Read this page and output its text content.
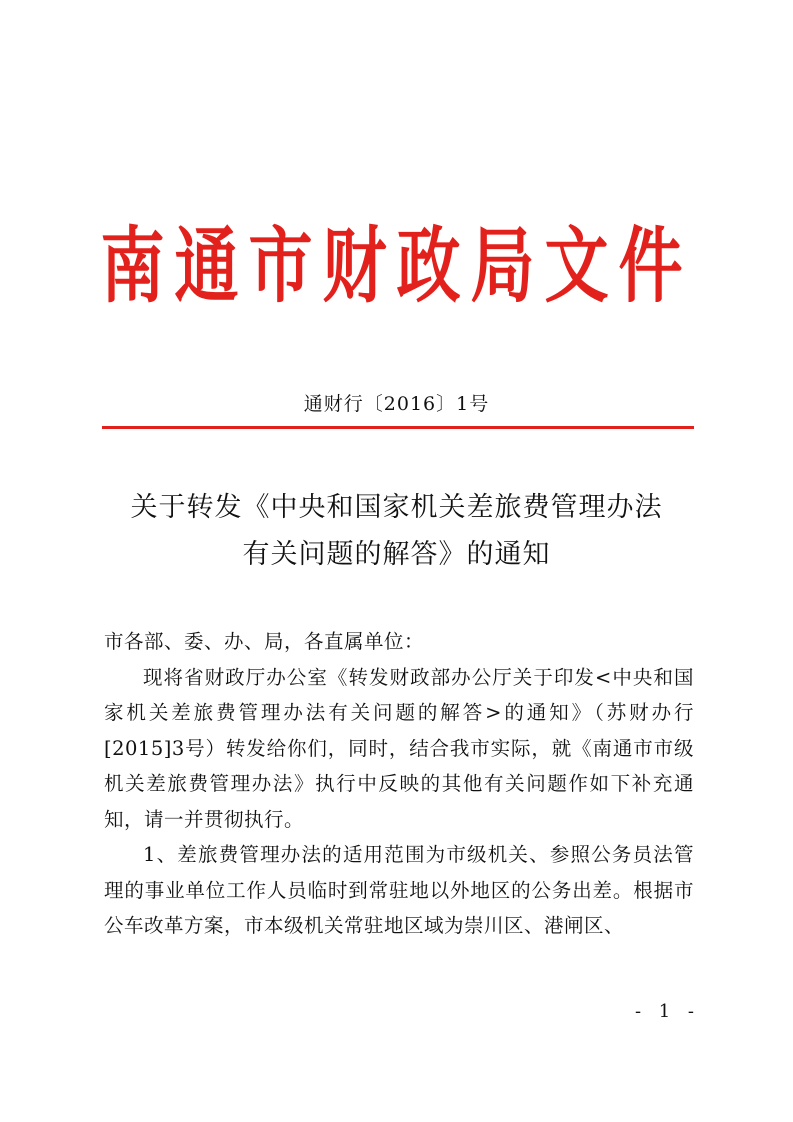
南通市财政局文件
通财行〔2016〕1号
关于转发《中央和国家机关差旅费管理办法
有关问题的解答》的通知

市各部、委、办、局，各直属单位：

现将省财政厅办公室《转发财政部办公厅关于印发<中央和国家机关差旅费管理办法有关问题的解答>的通知》（苏财办行[2015]3号）转发给你们，同时，结合我市实际，就《南通市市级机关差旅费管理办法》执行中反映的其他有关问题作如下补充通知，请一并贯彻执行。

1、差旅费管理办法的适用范围为市级机关、参照公务员法管理的事业单位工作人员临时到常驻地以外地区的公务出差。根据市公车改革方案，市本级机关常驻地区域为崇川区、港闸区、

- 1 -
